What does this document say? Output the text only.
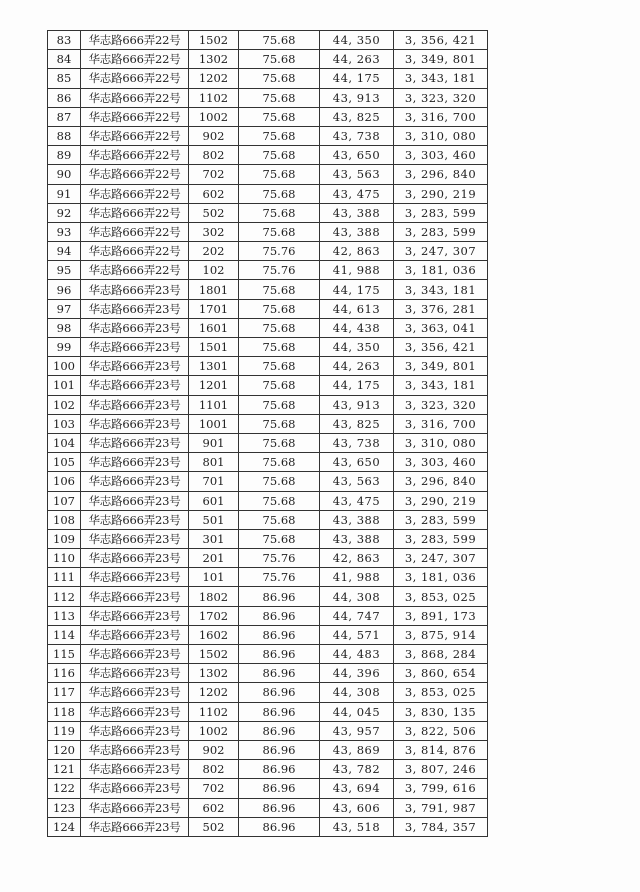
83	华志路666弄22号	1502	75.68	44, 350	3, 356, 421
84	华志路666弄22号	1302	75.68	44, 263	3, 349, 801
85	华志路666弄22号	1202	75.68	44, 175	3, 343, 181
86	华志路666弄22号	1102	75.68	43, 913	3, 323, 320
87	华志路666弄22号	1002	75.68	43, 825	3, 316, 700
88	华志路666弄22号	902	75.68	43, 738	3, 310, 080
89	华志路666弄22号	802	75.68	43, 650	3, 303, 460
90	华志路666弄22号	702	75.68	43, 563	3, 296, 840
91	华志路666弄22号	602	75.68	43, 475	3, 290, 219
92	华志路666弄22号	502	75.68	43, 388	3, 283, 599
93	华志路666弄22号	302	75.68	43, 388	3, 283, 599
94	华志路666弄22号	202	75.76	42, 863	3, 247, 307
95	华志路666弄22号	102	75.76	41, 988	3, 181, 036
96	华志路666弄23号	1801	75.68	44, 175	3, 343, 181
97	华志路666弄23号	1701	75.68	44, 613	3, 376, 281
98	华志路666弄23号	1601	75.68	44, 438	3, 363, 041
99	华志路666弄23号	1501	75.68	44, 350	3, 356, 421
100	华志路666弄23号	1301	75.68	44, 263	3, 349, 801
101	华志路666弄23号	1201	75.68	44, 175	3, 343, 181
102	华志路666弄23号	1101	75.68	43, 913	3, 323, 320
103	华志路666弄23号	1001	75.68	43, 825	3, 316, 700
104	华志路666弄23号	901	75.68	43, 738	3, 310, 080
105	华志路666弄23号	801	75.68	43, 650	3, 303, 460
106	华志路666弄23号	701	75.68	43, 563	3, 296, 840
107	华志路666弄23号	601	75.68	43, 475	3, 290, 219
108	华志路666弄23号	501	75.68	43, 388	3, 283, 599
109	华志路666弄23号	301	75.68	43, 388	3, 283, 599
110	华志路666弄23号	201	75.76	42, 863	3, 247, 307
111	华志路666弄23号	101	75.76	41, 988	3, 181, 036
112	华志路666弄23号	1802	86.96	44, 308	3, 853, 025
113	华志路666弄23号	1702	86.96	44, 747	3, 891, 173
114	华志路666弄23号	1602	86.96	44, 571	3, 875, 914
115	华志路666弄23号	1502	86.96	44, 483	3, 868, 284
116	华志路666弄23号	1302	86.96	44, 396	3, 860, 654
117	华志路666弄23号	1202	86.96	44, 308	3, 853, 025
118	华志路666弄23号	1102	86.96	44, 045	3, 830, 135
119	华志路666弄23号	1002	86.96	43, 957	3, 822, 506
120	华志路666弄23号	902	86.96	43, 869	3, 814, 876
121	华志路666弄23号	802	86.96	43, 782	3, 807, 246
122	华志路666弄23号	702	86.96	43, 694	3, 799, 616
123	华志路666弄23号	602	86.96	43, 606	3, 791, 987
124	华志路666弄23号	502	86.96	43, 518	3, 784, 357
